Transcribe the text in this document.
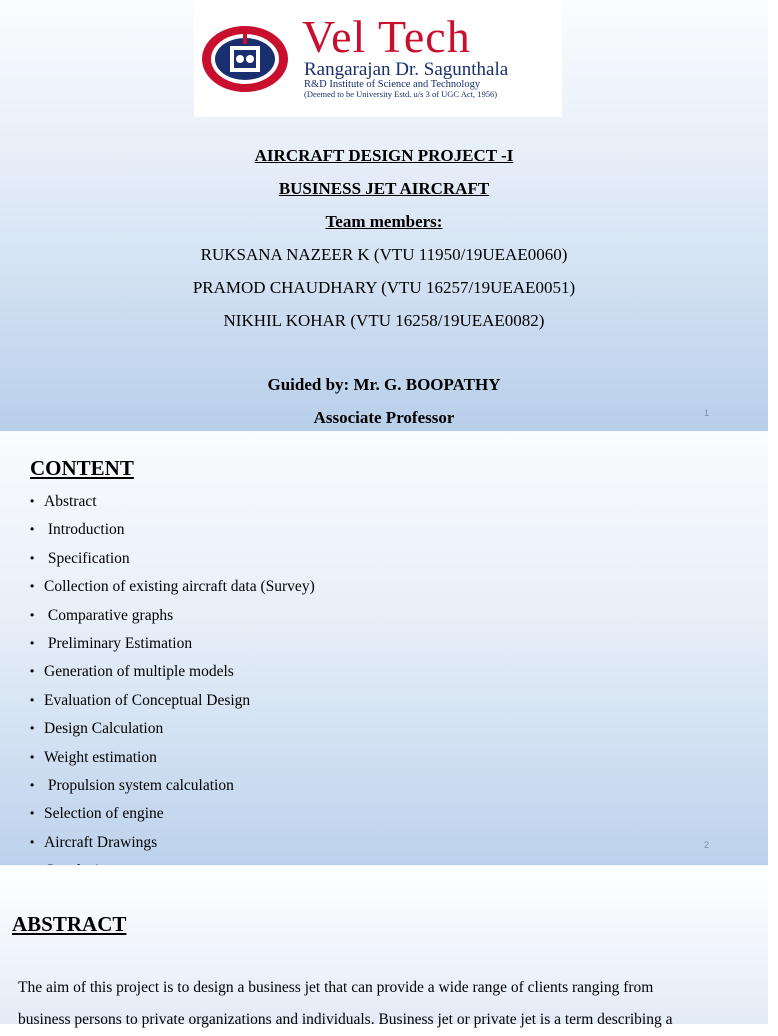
Vel Tech
Rangarajan Dr. Sagunthala
R&D Institute of Science and Technology
(Deemed to be University Estd. u/s 3 of UGC Act, 1956)
AIRCRAFT DESIGN PROJECT -I
BUSINESS JET AIRCRAFT
Team members:
RUKSANA NAZEER K (VTU 11950/19UEAE0060)
PRAMOD CHAUDHARY (VTU 16257/19UEAE0051)
NIKHIL KOHAR (VTU 16258/19UEAE0082)
Guided by: Mr. G. BOOPATHY
Associate Professor	1
CONTENT
• Abstract
• Introduction
• Specification
• Collection of existing aircraft data (Survey)
• Comparative graphs
• Preliminary Estimation
• Generation of multiple models
• Evaluation of Conceptual Design
• Design Calculation
• Weight estimation
• Propulsion system calculation
• Selection of engine
• Aircraft Drawings	2
ABSTRACT

The aim of this project is to design a business jet that can provide a wide range of clients ranging from
business persons to private organizations and individuals. Business jet or private jet is a term describing a
